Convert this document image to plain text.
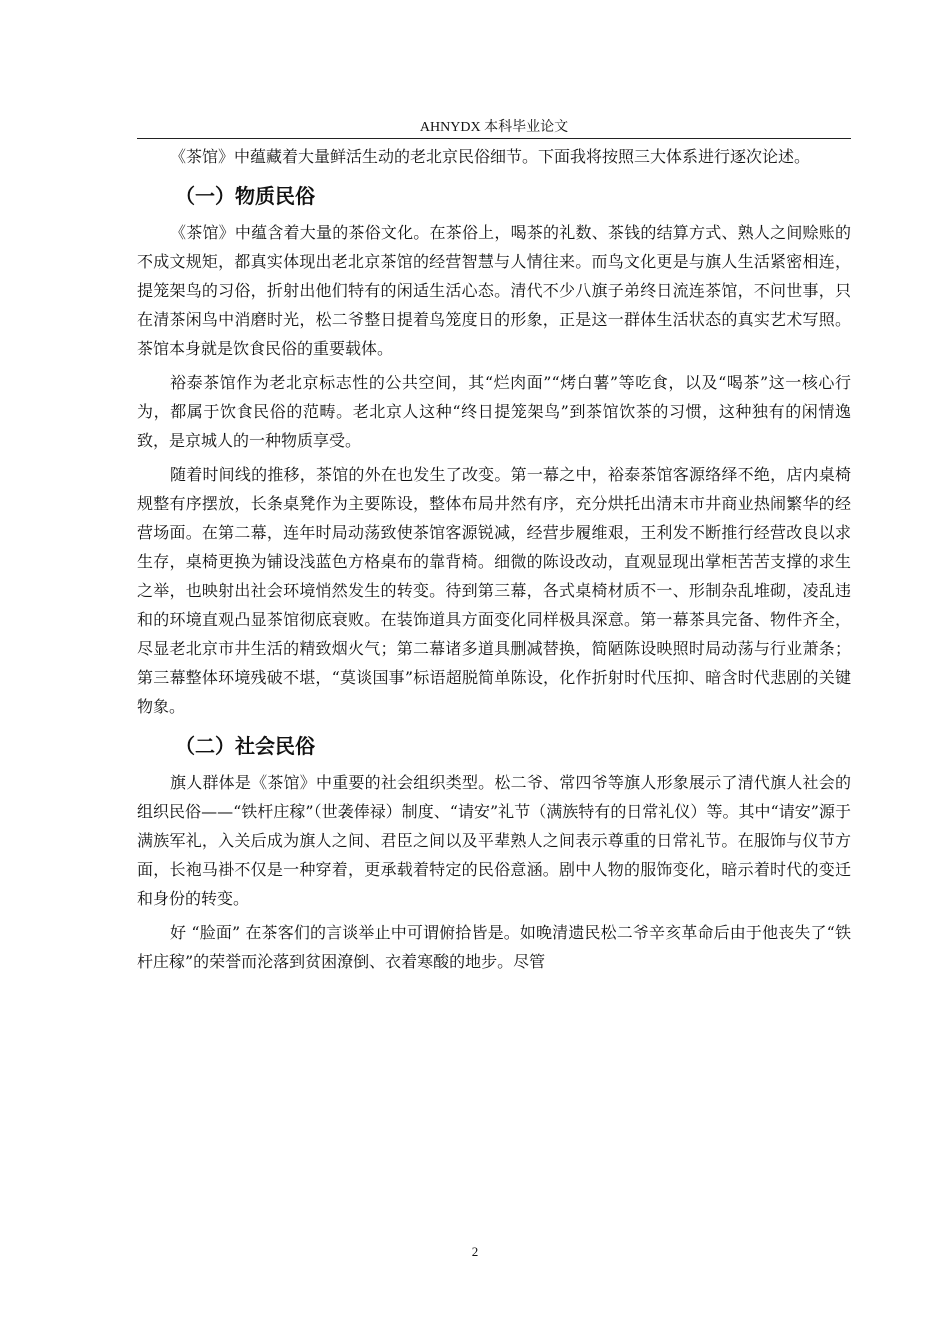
AHNYDX 本科毕业论文

《茶馆》中蕴藏着大量鲜活生动的老北京民俗细节。下面我将按照三大体系进行逐次论述。

（一）物质民俗

《茶馆》中蕴含着大量的茶俗文化。在茶俗上，喝茶的礼数、茶钱的结算方式、熟人之间赊账的不成文规矩，都真实体现出老北京茶馆的经营智慧与人情往来。而鸟文化更是与旗人生活紧密相连，提笼架鸟的习俗，折射出他们特有的闲适生活心态。清代不少八旗子弟终日流连茶馆，不问世事，只在清茶闲鸟中消磨时光，松二爷整日提着鸟笼度日的形象，正是这一群体生活状态的真实艺术写照。茶馆本身就是饮食民俗的重要载体。

裕泰茶馆作为老北京标志性的公共空间，其“烂肉面”“烤白薯”等吃食，以及“喝茶”这一核心行为，都属于饮食民俗的范畴。老北京人这种“终日提笼架鸟”到茶馆饮茶的习惯，这种独有的闲情逸致，是京城人的一种物质享受。

随着时间线的推移，茶馆的外在也发生了改变。第一幕之中，裕泰茶馆客源络绎不绝，店内桌椅规整有序摆放，长条桌凳作为主要陈设，整体布局井然有序，充分烘托出清末市井商业热闹繁华的经营场面。在第二幕，连年时局动荡致使茶馆客源锐减，经营步履维艰，王利发不断推行经营改良以求生存，桌椅更换为铺设浅蓝色方格桌布的靠背椅。细微的陈设改动，直观显现出掌柜苦苦支撑的求生之举，也映射出社会环境悄然发生的转变。待到第三幕，各式桌椅材质不一、形制杂乱堆砌，凌乱违和的环境直观凸显茶馆彻底衰败。在装饰道具方面变化同样极具深意。第一幕茶具完备、物件齐全，尽显老北京市井生活的精致烟火气；第二幕诸多道具删减替换，简陋陈设映照时局动荡与行业萧条；第三幕整体环境残破不堪，“莫谈国事”标语超脱简单陈设，化作折射时代压抑、暗含时代悲剧的关键物象。

（二）社会民俗

旗人群体是《茶馆》中重要的社会组织类型。松二爷、常四爷等旗人形象展示了清代旗人社会的组织民俗——“铁杆庄稼”（世袭俸禄）制度、“请安”礼节（满族特有的日常礼仪）等。其中“请安”源于满族军礼，入关后成为旗人之间、君臣之间以及平辈熟人之间表示尊重的日常礼节。在服饰与仪节方面，长袍马褂不仅是一种穿着，更承载着特定的民俗意涵。剧中人物的服饰变化，暗示着时代的变迁和身份的转变。

好 “脸面” 在茶客们的言谈举止中可谓俯拾皆是。如晚清遗民松二爷辛亥革命后由于他丧失了“铁杆庄稼”的荣誉而沦落到贫困潦倒、衣着寒酸的地步。尽管

2
